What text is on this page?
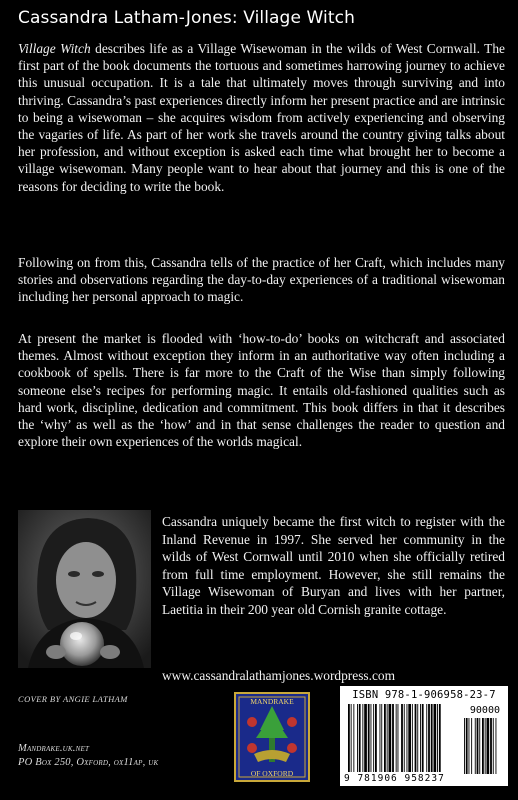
Cassandra Latham-Jones: Village Witch

Village Witch describes life as a Village Wisewoman in the wilds of West Cornwall. The first part of the book documents the tortuous and sometimes harrowing journey to achieve this unusual occupation. It is a tale that ultimately moves through surviving and into thriving. Cassandra’s past experiences directly inform her present practice and are intrinsic to being a wisewoman – she acquires wisdom from actively experiencing and observing the vagaries of life. As part of her work she travels around the country giving talks about her profession, and without exception is asked each time what brought her to become a village wisewoman. Many people want to hear about that journey and this is one of the reasons for deciding to write the book.

Following on from this, Cassandra tells of the practice of her Craft, which includes many stories and observations regarding the day-to-day experiences of a traditional wisewoman including her personal approach to magic.

At present the market is flooded with ‘how-to-do’ books on witchcraft and associated themes. Almost without exception they inform in an authoritative way often including a cookbook of spells. There is far more to the Craft of the Wise than simply following someone else’s recipes for performing magic. It entails old-fashioned qualities such as hard work, discipline, dedication and commitment. This book differs in that it describes the ‘why’ as well as the ‘how’ and in that sense challenges the reader to question and explore their own experiences of the worlds magical.

Cassandra uniquely became the first witch to register with the Inland Revenue in 1997. She served her community in the wilds of West Cornwall until 2010 when she officially retired from full time employment. However, she still remains the Village Wisewoman of Buryan and lives with her partner, Laetitia in their 200 year old Cornish granite cottage.

www.cassandralathamjones.wordpress.com
COVER BY ANGIE LATHAM
Mandrake.uk.net
PO Box 250, Oxford, ox11ap, uk
MANDRAKE
OF OXFORD
ISBN 978-1-906958-23-7
90000
9 781906 958237
